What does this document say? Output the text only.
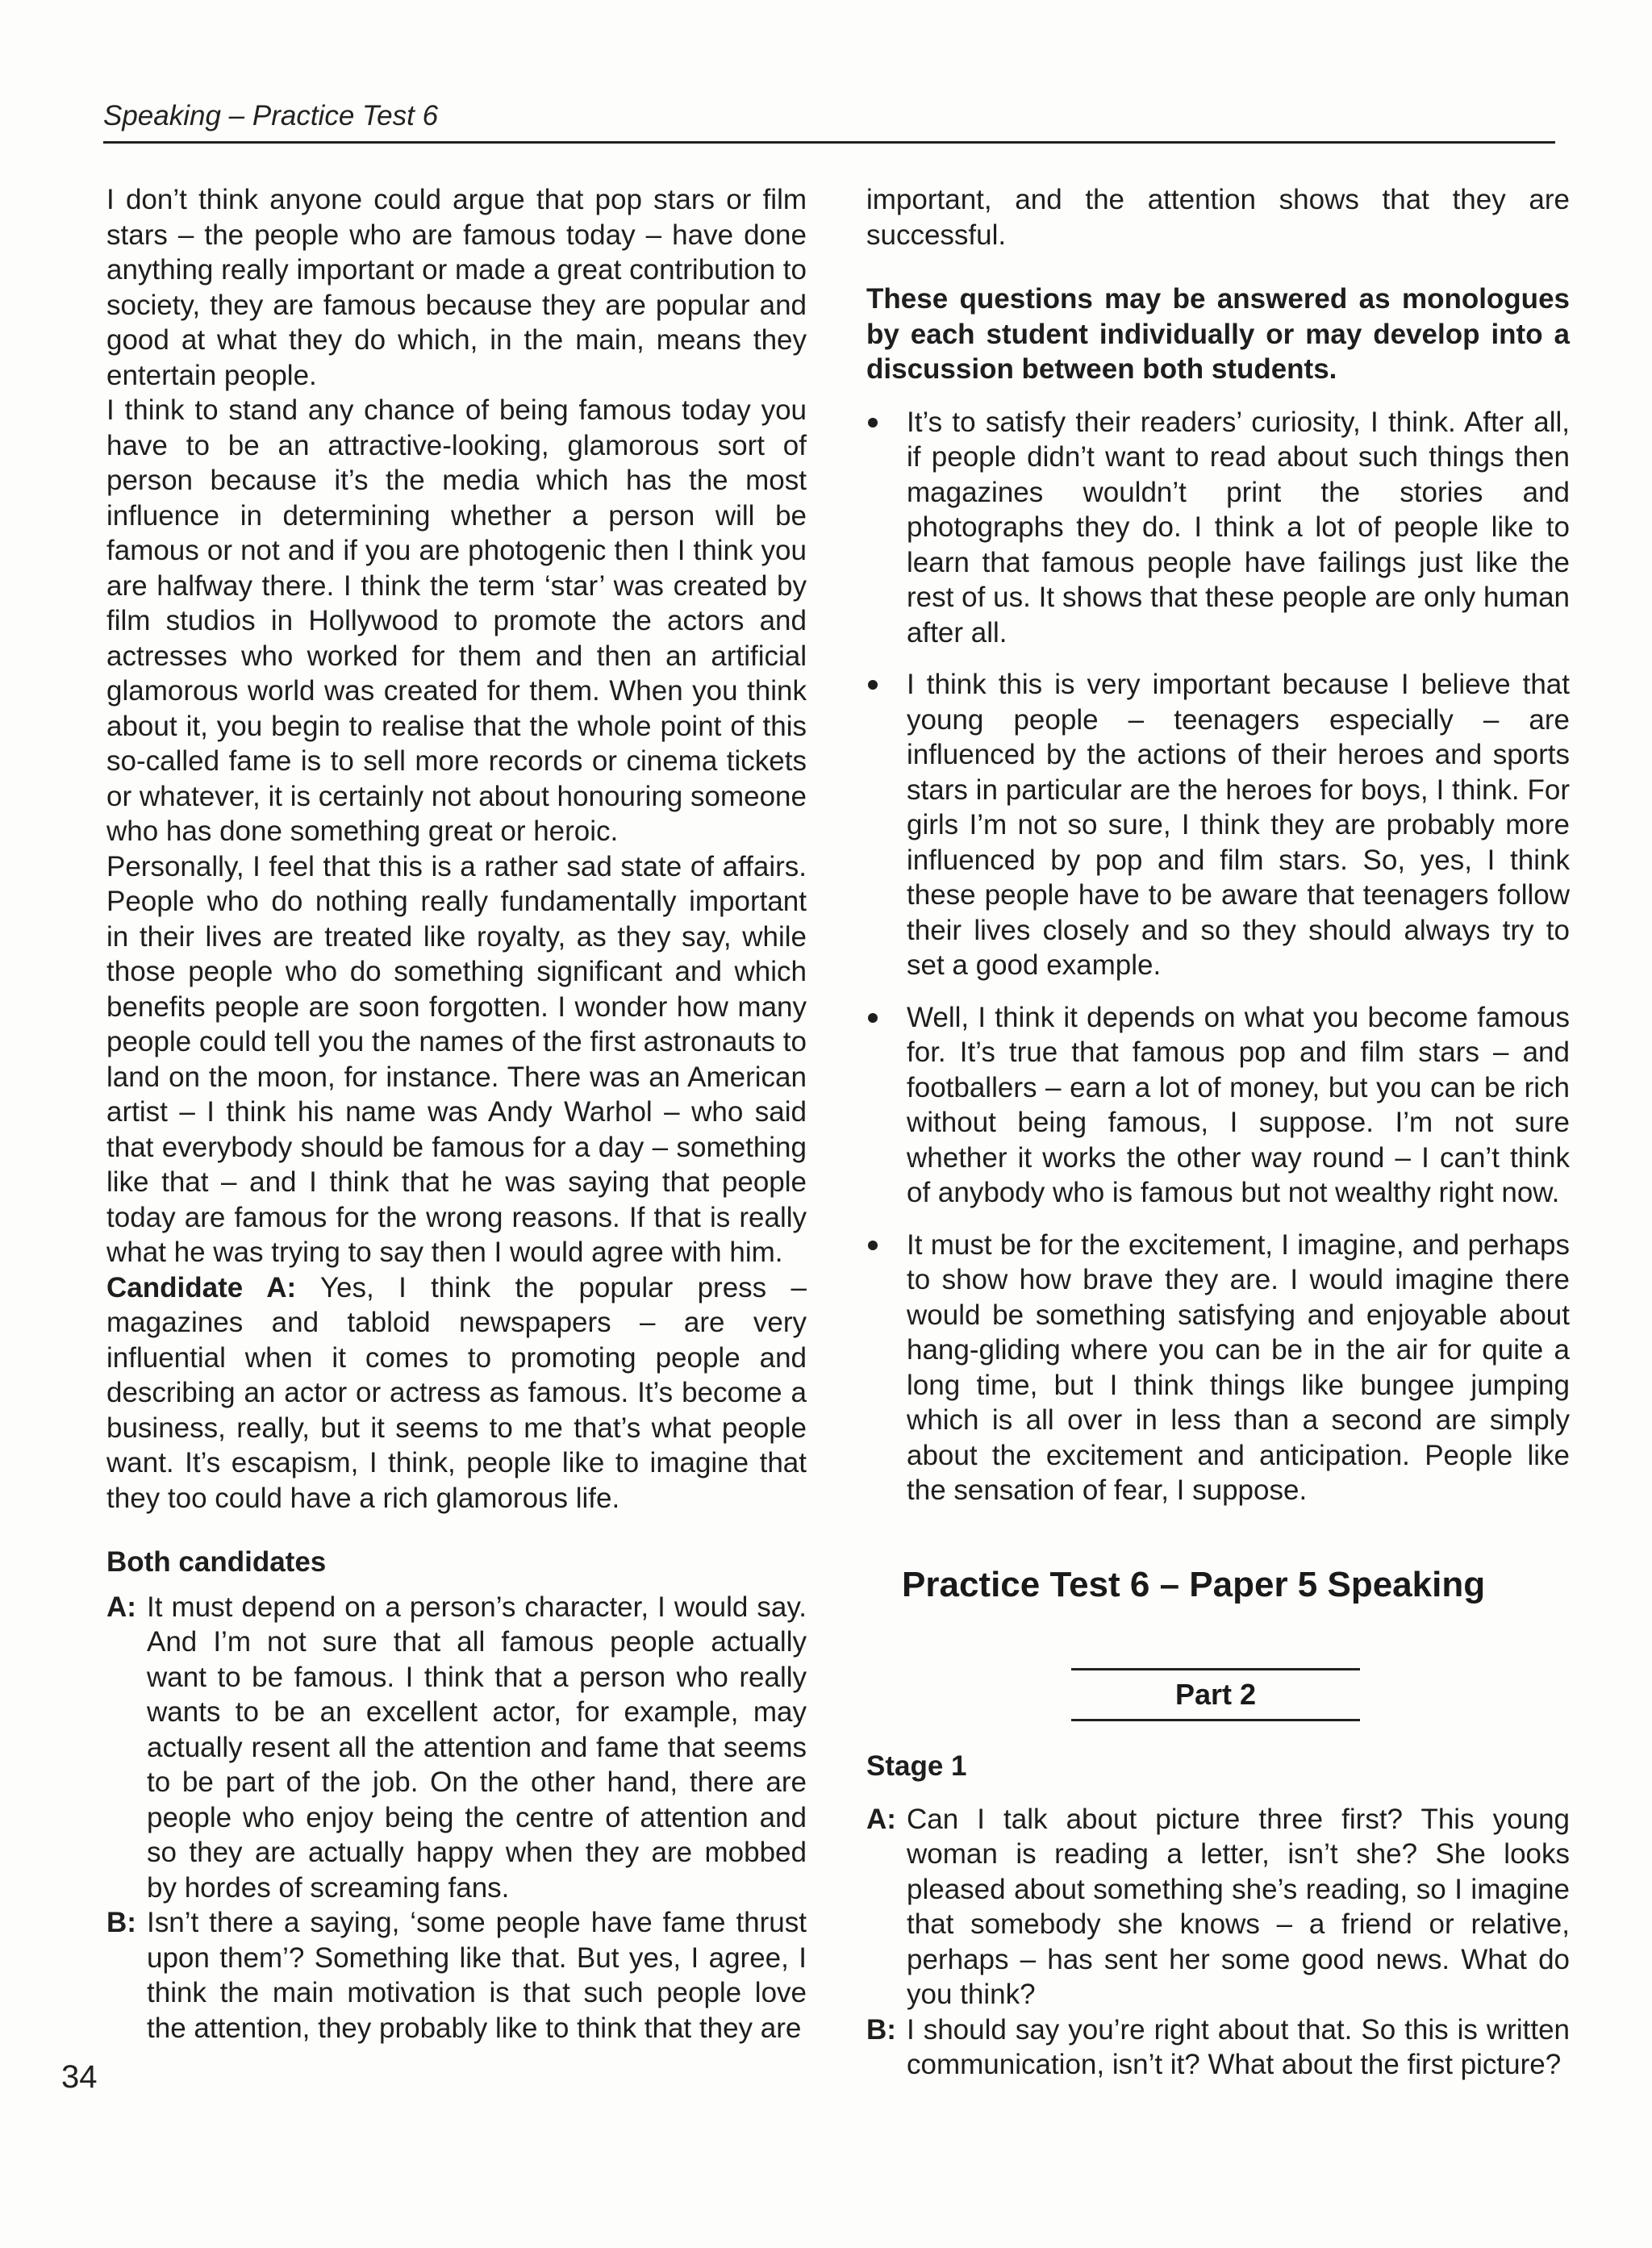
Speaking – Practice Test 6

I don’t think anyone could argue that pop stars or film stars – the people who are famous today – have done anything really important or made a great contribution to society, they are famous because they are popular and good at what they do which, in the main, means they entertain people.

I think to stand any chance of being famous today you have to be an attractive-looking, glamorous sort of person because it’s the media which has the most influence in determining whether a person will be famous or not and if you are photogenic then I think you are halfway there. I think the term ‘star’ was created by film studios in Hollywood to promote the actors and actresses who worked for them and then an artificial glamorous world was created for them. When you think about it, you begin to realise that the whole point of this so-called fame is to sell more records or cinema tickets or whatever, it is certainly not about honouring someone who has done something great or heroic.

Personally, I feel that this is a rather sad state of affairs. People who do nothing really fundamentally important in their lives are treated like royalty, as they say, while those people who do something significant and which benefits people are soon forgotten. I wonder how many people could tell you the names of the first astronauts to land on the moon, for instance. There was an American artist – I think his name was Andy Warhol – who said that everybody should be famous for a day – something like that – and I think that he was saying that people today are famous for the wrong reasons. If that is really what he was trying to say then I would agree with him.

Candidate A: Yes, I think the popular press – magazines and tabloid newspapers – are very influential when it comes to promoting people and describing an actor or actress as famous. It’s become a business, really, but it seems to me that’s what people want. It’s escapism, I think, people like to imagine that they too could have a rich glamorous life.

Both candidates

A: It must depend on a person’s character, I would say. And I’m not sure that all famous people actually want to be famous. I think that a person who really wants to be an excellent actor, for example, may actually resent all the attention and fame that seems to be part of the job. On the other hand, there are people who enjoy being the centre of attention and so they are actually happy when they are mobbed by hordes of screaming fans.
B: Isn’t there a saying, ‘some people have fame thrust upon them’? Something like that. But yes, I agree, I think the main motivation is that such people love the attention, they probably like to think that they are

important, and the attention shows that they are successful.

These questions may be answered as monologues by each student individually or may develop into a discussion between both students.

It’s to satisfy their readers’ curiosity, I think. After all, if people didn’t want to read about such things then magazines wouldn’t print the stories and photographs they do. I think a lot of people like to learn that famous people have failings just like the rest of us. It shows that these people are only human after all.
I think this is very important because I believe that young people – teenagers especially – are influenced by the actions of their heroes and sports stars in particular are the heroes for boys, I think. For girls I’m not so sure, I think they are probably more influenced by pop and film stars. So, yes, I think these people have to be aware that teenagers follow their lives closely and so they should always try to set a good example.
Well, I think it depends on what you become famous for. It’s true that famous pop and film stars – and footballers – earn a lot of money, but you can be rich without being famous, I suppose. I’m not sure whether it works the other way round – I can’t think of anybody who is famous but not wealthy right now.
It must be for the excitement, I imagine, and perhaps to show how brave they are. I would imagine there would be something satisfying and enjoyable about hang-gliding where you can be in the air for quite a long time, but I think things like bungee jumping which is all over in less than a second are simply about the excitement and anticipation. People like the sensation of fear, I suppose.
Practice Test 6 – Paper 5 Speaking
Part 2

Stage 1

A: Can I talk about picture three first? This young woman is reading a letter, isn’t she? She looks pleased about something she’s reading, so I imagine that somebody she knows – a friend or relative, perhaps – has sent her some good news. What do you think?
B: I should say you’re right about that. So this is written communication, isn’t it? What about the first picture?
34
